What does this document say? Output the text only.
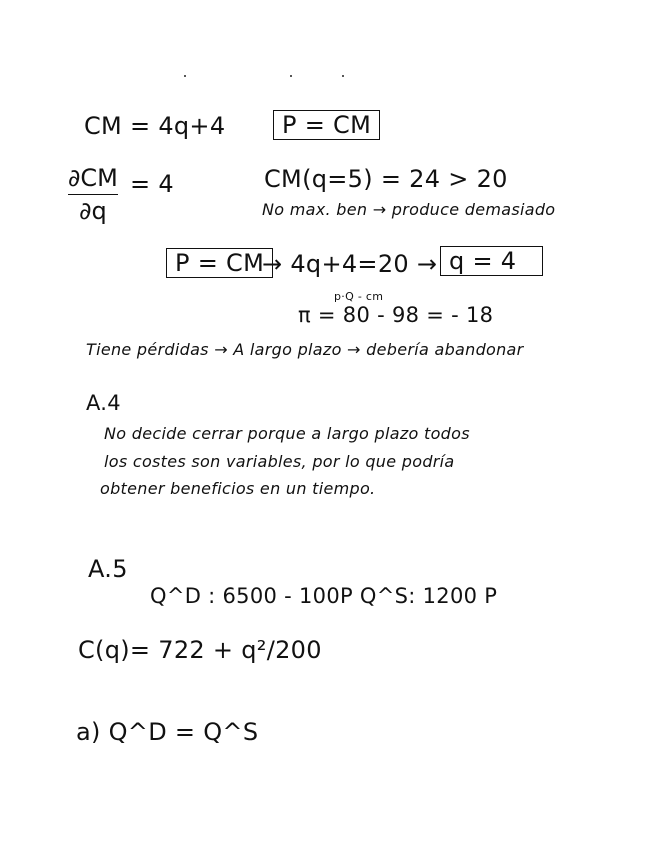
CM = 4q+4	P = CM
∂CM
∂q
= 4	CM(q=5) = 24 > 20
No max. ben → produce demasiado
P = CM
→ 4q+4=20 → q = 4
p·Q - cm
π = 80 - 98 = - 18
Tiene pérdidas → A largo plazo → debería abandonar
A.4
No decide cerrar porque a largo plazo todos
los costes son variables, por lo que podría
obtener beneficios en un tiempo.
A.5
Q^D : 6500 - 100P Q^S: 1200 P
C(q)= 722 + q²/200
a) Q^D = Q^S
